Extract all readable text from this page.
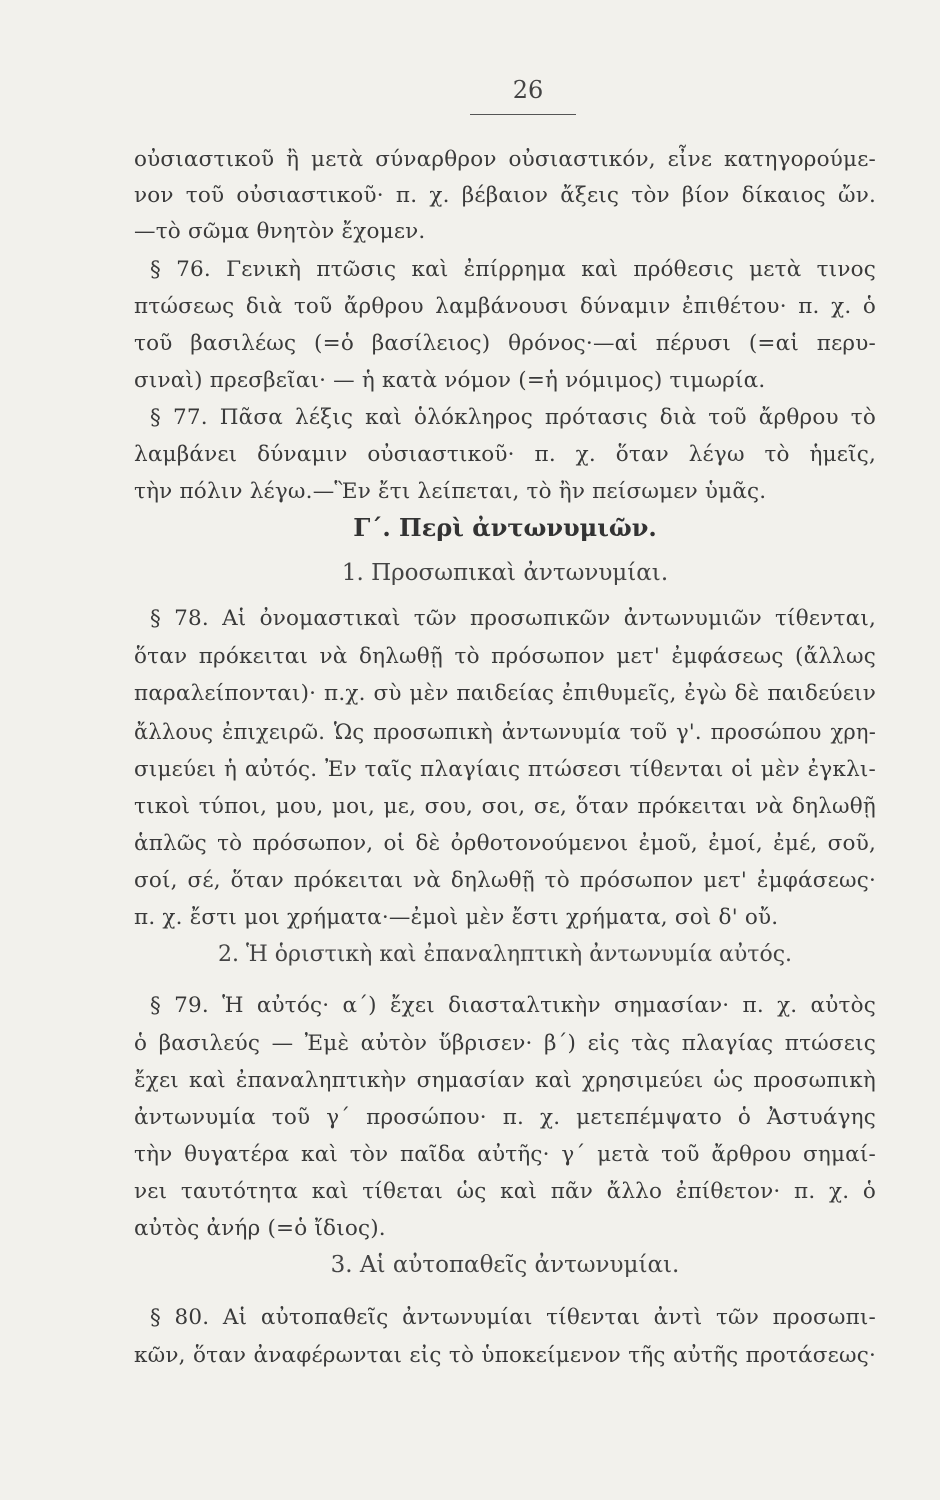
26
οὐσιαστικοῦ ἢ μετὰ σύναρθρον οὐσιαστικόν, εἶνε κατηγορούμε-
νον τοῦ οὐσιαστικοῦ· π. χ. βέβαιον ἄξεις τὸν βίον δίκαιος ὤν.
—τὸ σῶμα θνητὸν ἔχομεν.
§ 76. Γενικὴ πτῶσις καὶ ἐπίρρημα καὶ πρόθεσις μετὰ τινος
πτώσεως διὰ τοῦ ἄρθρου λαμβάνουσι δύναμιν ἐπιθέτου· π. χ. ὁ
τοῦ βασιλέως (=ὁ βασίλειος) θρόνος·—αἱ πέρυσι (=αἱ περυ-
σιναὶ) πρεσβεῖαι· — ἡ κατὰ νόμον (=ἡ νόμιμος) τιμωρία.
§ 77. Πᾶσα λέξις καὶ ὁλόκληρος πρότασις διὰ τοῦ ἄρθρου τὸ
λαμβάνει δύναμιν οὐσιαστικοῦ· π. χ. ὅταν λέγω τὸ ἡμεῖς,
τὴν πόλιν λέγω.—Ἓν ἔτι λείπεται, τὸ ἢν πείσωμεν ὑμᾶς.
Γ΄. Περὶ ἀντωνυμιῶν.
1. Προσωπικαὶ ἀντωνυμίαι.
§ 78. Αἱ ὀνομαστικαὶ τῶν προσωπικῶν ἀντωνυμιῶν τίθενται,
ὅταν πρόκειται νὰ δηλωθῇ τὸ πρόσωπον μετ' ἐμφάσεως (ἄλλως
παραλείπονται)· π.χ. σὺ μὲν παιδείας ἐπιθυμεῖς, ἐγὼ δὲ παιδεύειν
ἄλλους ἐπιχειρῶ. Ὡς προσωπικὴ ἀντωνυμία τοῦ γ'. προσώπου χρη-
σιμεύει ἡ αὐτός. Ἐν ταῖς πλαγίαις πτώσεσι τίθενται οἱ μὲν ἐγκλι-
τικοὶ τύποι, μου, μοι, με, σου, σοι, σε, ὅταν πρόκειται νὰ δηλωθῇ
ἁπλῶς τὸ πρόσωπον, οἱ δὲ ὀρθοτονούμενοι ἐμοῦ, ἐμοί, ἐμέ, σοῦ,
σοί, σέ, ὅταν πρόκειται νὰ δηλωθῇ τὸ πρόσωπον μετ' ἐμφάσεως·
π. χ. ἔστι μοι χρήματα·—ἐμοὶ μὲν ἔστι χρήματα, σοὶ δ' οὔ.
2. Ἡ ὁριστικὴ καὶ ἐπαναληπτικὴ ἀντωνυμία αὐτός.
§ 79. Ἡ αὐτός· α΄) ἔχει διασταλτικὴν σημασίαν· π. χ. αὐτὸς
ὁ βασιλεύς — Ἐμὲ αὐτὸν ὕβρισεν· β΄) εἰς τὰς πλαγίας πτώσεις
ἔχει καὶ ἐπαναληπτικὴν σημασίαν καὶ χρησιμεύει ὡς προσωπικὴ
ἀντωνυμία τοῦ γ΄ προσώπου· π. χ. μετεπέμψατο ὁ Ἀστυάγης
τὴν θυγατέρα καὶ τὸν παῖδα αὐτῆς· γ΄ μετὰ τοῦ ἄρθρου σημαί-
νει ταυτότητα καὶ τίθεται ὡς καὶ πᾶν ἄλλο ἐπίθετον· π. χ. ὁ
αὐτὸς ἀνήρ (=ὁ ἴδιος).
3. Αἱ αὐτοπαθεῖς ἀντωνυμίαι.
§ 80. Αἱ αὐτοπαθεῖς ἀντωνυμίαι τίθενται ἀντὶ τῶν προσωπι-
κῶν, ὅταν ἀναφέρωνται εἰς τὸ ὑποκείμενον τῆς αὐτῆς προτάσεως·
